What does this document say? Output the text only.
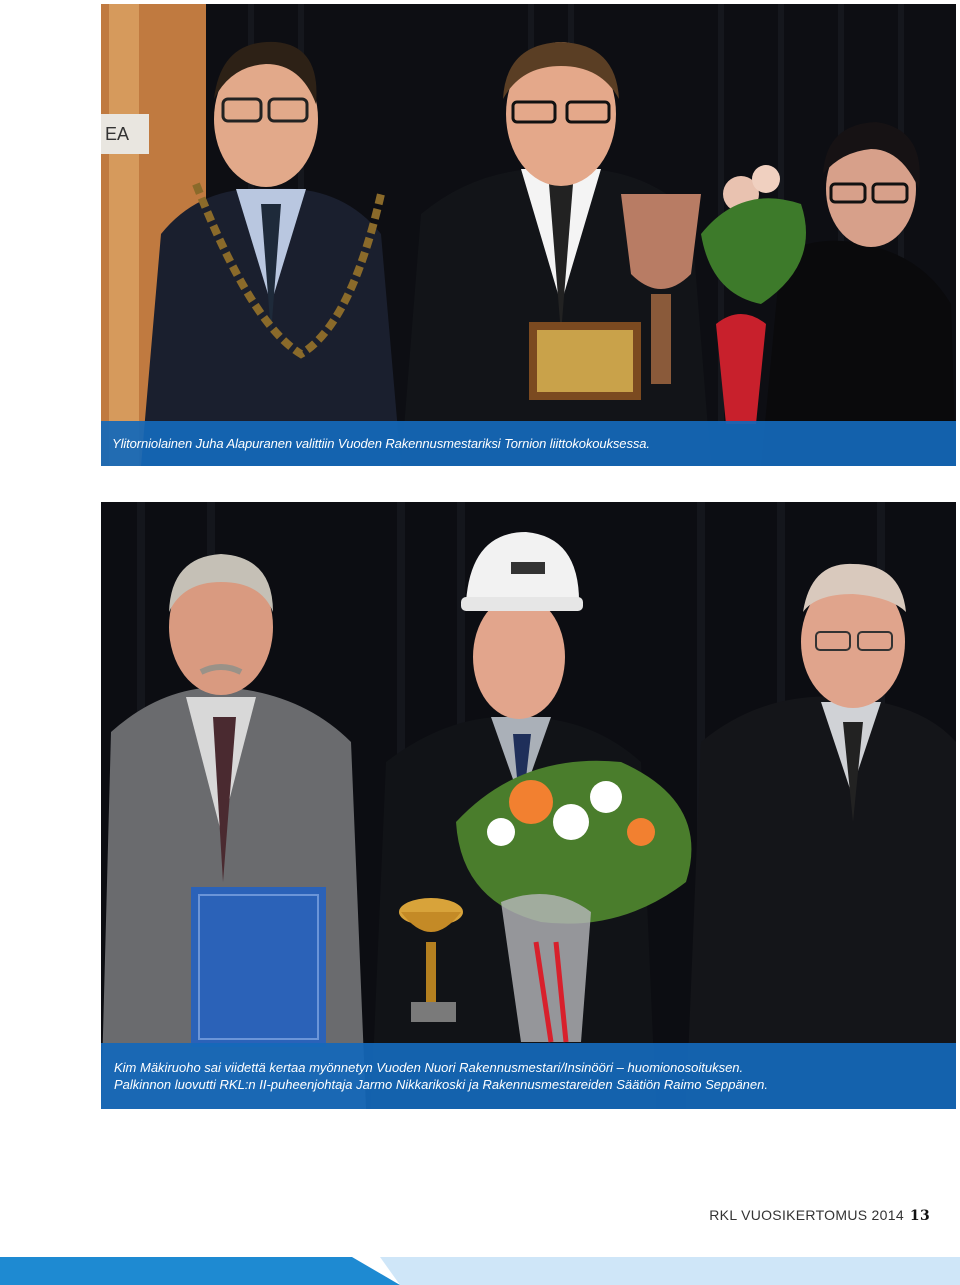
EA

Ylitorniolainen Juha Alapuranen valittiin Vuoden Rakennusmestariksi Tornion liittokokouksessa.

Kim Mäkiruoho sai viidettä kertaa myönnetyn Vuoden Nuori Rakennusmestari/Insinööri – huomionosoituksen.

Palkinnon luovutti RKL:n II-puheenjohtaja Jarmo Nikkarikoski ja Rakennusmestareiden Säätiön Raimo Seppänen.

RKL VUOSIKERTOMUS 2014 13
